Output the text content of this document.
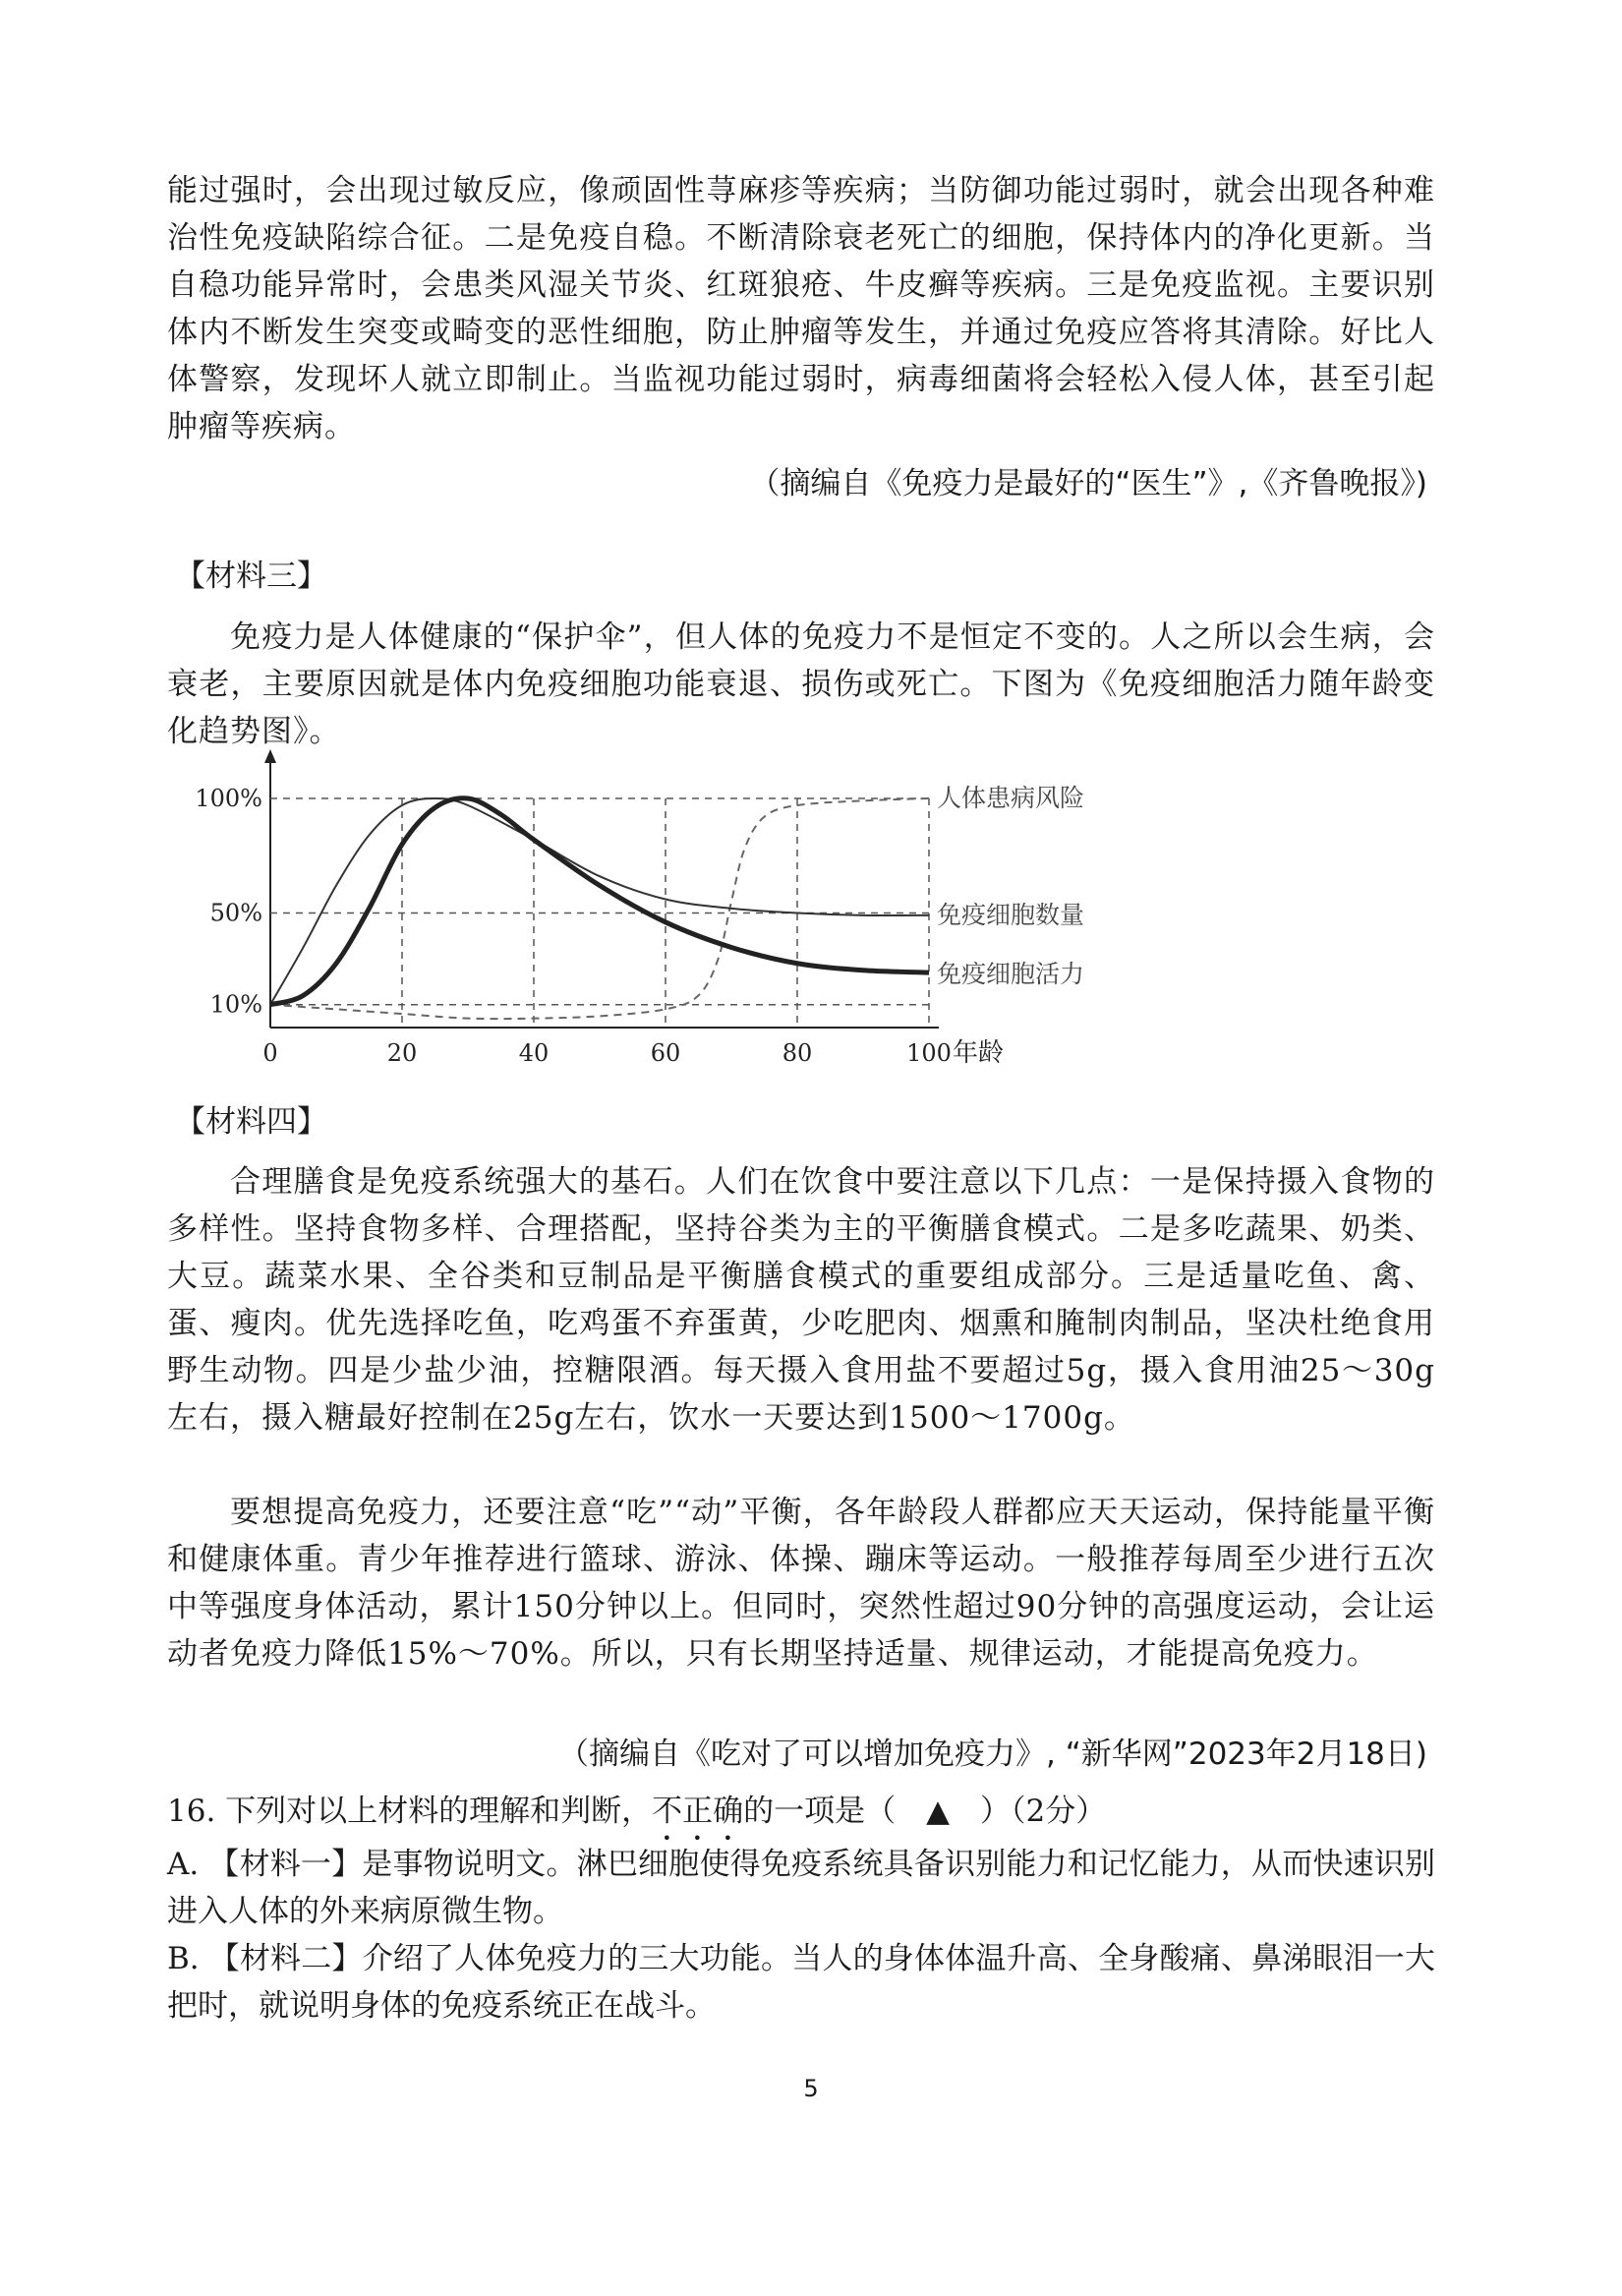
能过强时，会出现过敏反应，像顽固性荨麻疹等疾病；当防御功能过弱时，就会出现各种难治性免疫缺陷综合征。二是免疫自稳。不断清除衰老死亡的细胞，保持体内的净化更新。当自稳功能异常时，会患类风湿关节炎、红斑狼疮、牛皮癣等疾病。三是免疫监视。主要识别体内不断发生突变或畸变的恶性细胞，防止肿瘤等发生，并通过免疫应答将其清除。好比人体警察，发现坏人就立即制止。当监视功能过弱时，病毒细菌将会轻松入侵人体，甚至引起肿瘤等疾病。

（摘编自《免疫力是最好的“医生”》,《齐鲁晚报》)

【材料三】

免疫力是人体健康的“保护伞”，但人体的免疫力不是恒定不变的。人之所以会生病，会衰老，主要原因就是体内免疫细胞功能衰退、损伤或死亡。下图为《免疫细胞活力随年龄变化趋势图》。

10%
50%
100%
0	20	40	60	80	100 年龄
人体患病风险
免疫细胞数量
免疫细胞活力

【材料四】

合理膳食是免疫系统强大的基石。人们在饮食中要注意以下几点：一是保持摄入食物的多样性。坚持食物多样、合理搭配，坚持谷类为主的平衡膳食模式。二是多吃蔬果、奶类、大豆。蔬菜水果、全谷类和豆制品是平衡膳食模式的重要组成部分。三是适量吃鱼、禽、蛋、瘦肉。优先选择吃鱼，吃鸡蛋不弃蛋黄，少吃肥肉、烟熏和腌制肉制品，坚决杜绝食用野生动物。四是少盐少油，控糖限酒。每天摄入食用盐不要超过5g，摄入食用油25～30g左右，摄入糖最好控制在25g左右，饮水一天要达到1500～1700g。

要想提高免疫力，还要注意“吃”“动”平衡，各年龄段人群都应天天运动，保持能量平衡和健康体重。青少年推荐进行篮球、游泳、体操、蹦床等运动。一般推荐每周至少进行五次中等强度身体活动，累计150分钟以上。但同时，突然性超过90分钟的高强度运动，会让运动者免疫力降低15%～70%。所以，只有长期坚持适量、规律运动，才能提高免疫力。

（摘编自《吃对了可以增加免疫力》, “新华网”2023年2月18日)

16. 下列对以上材料的理解和判断，不正确的一项是（　▲　）（2分）

A. 【材料一】是事物说明文。淋巴细胞使得免疫系统具备识别能力和记忆能力，从而快速识别进入人体的外来病原微生物。

B. 【材料二】介绍了人体免疫力的三大功能。当人的身体体温升高、全身酸痛、鼻涕眼泪一大把时，就说明身体的免疫系统正在战斗。

5
